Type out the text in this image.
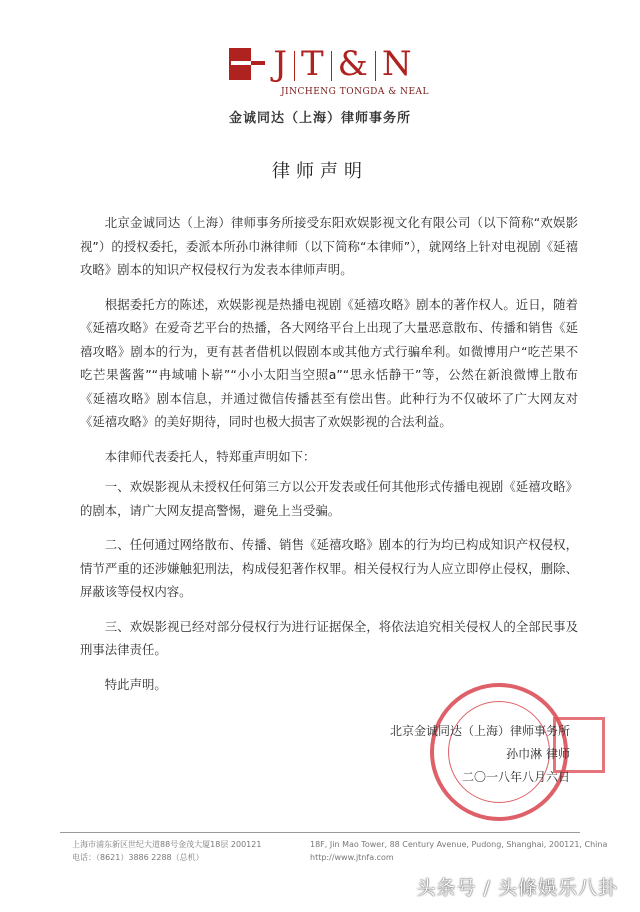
J T & N
JINCHENG TONGDA & NEAL
金诚同达（上海）律师事务所
律师声明

北京金诚同达（上海）律师事务所接受东阳欢娱影视文化有限公司（以下简称“欢娱影视”）的授权委托，委派本所孙巾淋律师（以下简称“本律师”），就网络上针对电视剧《延禧攻略》剧本的知识产权侵权行为发表本律师声明。

根据委托方的陈述，欢娱影视是热播电视剧《延禧攻略》剧本的著作权人。近日，随着《延禧攻略》在爱奇艺平台的热播，各大网络平台上出现了大量恶意散布、传播和销售《延禧攻略》剧本的行为，更有甚者借机以假剧本或其他方式行骗牟利。如微博用户“吃芒果不吃芒果酱酱”“冉域哺卜崭”“小小太阳当空照a”“思永恬静干”等，公然在新浪微博上散布《延禧攻略》剧本信息，并通过微信传播甚至有偿出售。此种行为不仅破坏了广大网友对《延禧攻略》的美好期待，同时也极大损害了欢娱影视的合法利益。

本律师代表委托人，特郑重声明如下：

一、欢娱影视从未授权任何第三方以公开发表或任何其他形式传播电视剧《延禧攻略》的剧本，请广大网友提高警惕，避免上当受骗。

二、任何通过网络散布、传播、销售《延禧攻略》剧本的行为均已构成知识产权侵权，情节严重的还涉嫌触犯刑法，构成侵犯著作权罪。相关侵权行为人应立即停止侵权，删除、屏蔽该等侵权内容。

三、欢娱影视已经对部分侵权行为进行证据保全，将依法追究相关侵权人的全部民事及刑事法律责任。

特此声明。

北京金诚同达（上海）律师事务所
孙巾淋 律师
二〇一八年八月六日
上海市浦东新区世纪大道88号金茂大厦18层 200121
电话：（8621）3886 2288（总机）
18F, Jin Mao Tower, 88 Century Avenue, Pudong, Shanghai, 200121, China
http://www.jtnfa.com
头条号 / 头條娛乐八卦
